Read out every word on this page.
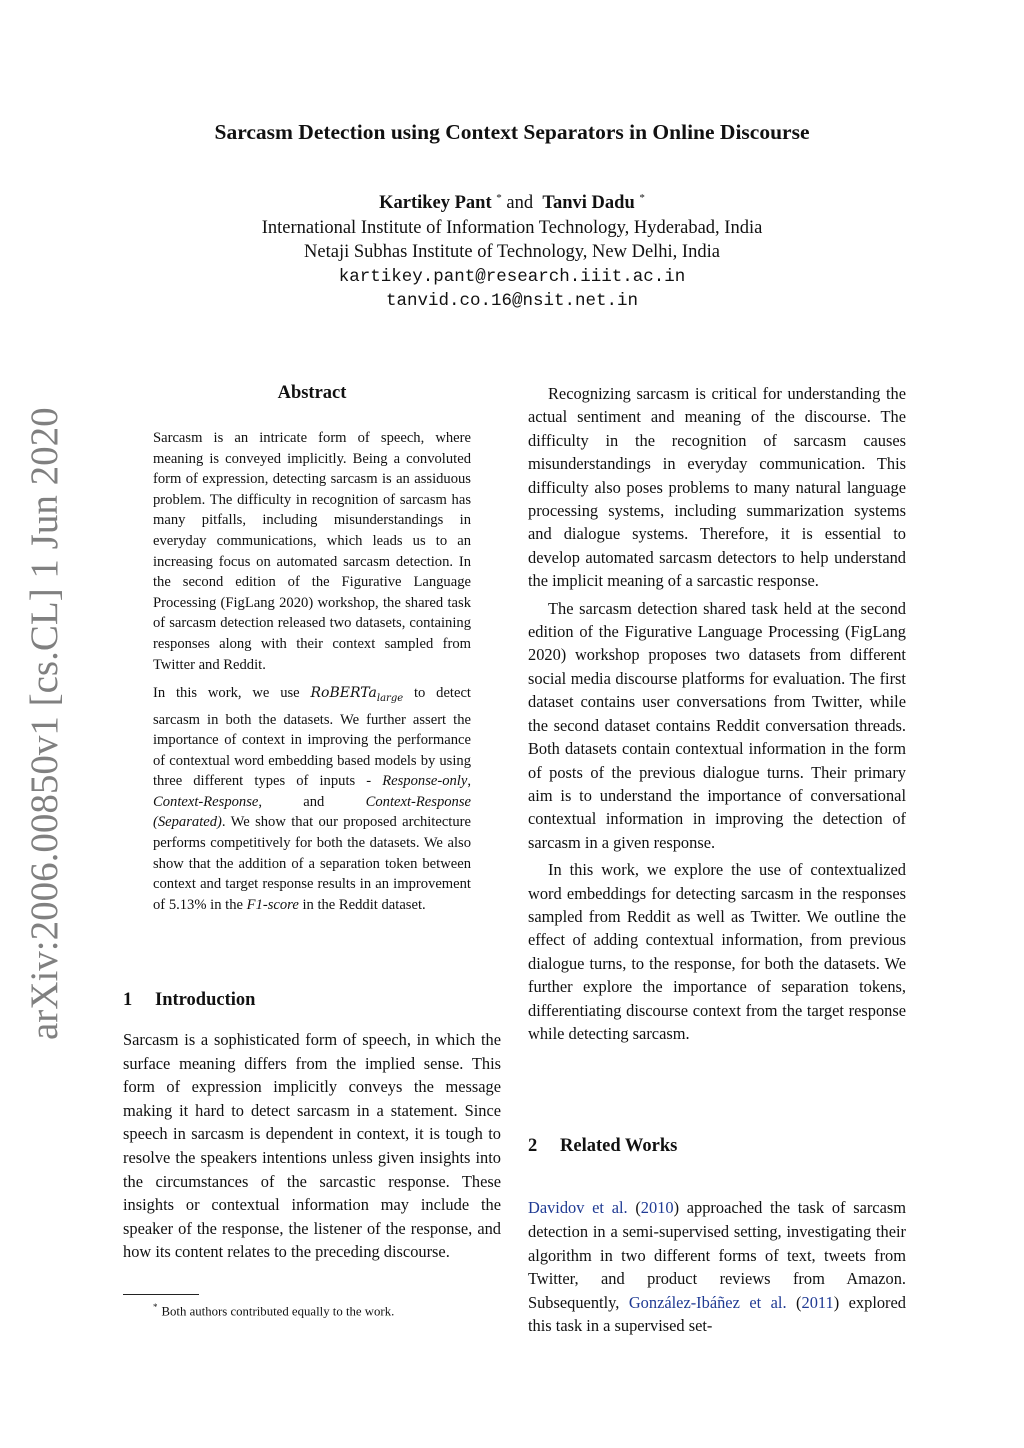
Sarcasm Detection using Context Separators in Online Discourse
Kartikey Pant * and Tanvi Dadu *
International Institute of Information Technology, Hyderabad, India
Netaji Subhas Institute of Technology, New Delhi, India
kartikey.pant@research.iiit.ac.in
tanvid.co.16@nsit.net.in
arXiv:2006.00850v1 [cs.CL] 1 Jun 2020
Abstract

Sarcasm is an intricate form of speech, where meaning is conveyed implicitly. Being a convoluted form of expression, detecting sarcasm is an assiduous problem. The difficulty in recognition of sarcasm has many pitfalls, including misunderstandings in everyday communications, which leads us to an increasing focus on automated sarcasm detection. In the second edition of the Figurative Language Processing (FigLang 2020) workshop, the shared task of sarcasm detection released two datasets, containing responses along with their context sampled from Twitter and Reddit.

In this work, we use RoBERTa$_{large}$ to detect sarcasm in both the datasets. We further assert the importance of context in improving the performance of contextual word embedding based models by using three different types of inputs - Response-only, Context-Response, and Context-Response (Separated). We show that our proposed architecture performs competitively for both the datasets. We also show that the addition of a separation token between context and target response results in an improvement of 5.13% in the F1-score in the Reddit dataset.

1 Introduction

Sarcasm is a sophisticated form of speech, in which the surface meaning differs from the implied sense. This form of expression implicitly conveys the message making it hard to detect sarcasm in a statement. Since speech in sarcasm is dependent in context, it is tough to resolve the speakers intentions unless given insights into the circumstances of the sarcastic response. These insights or contextual information may include the speaker of the response, the listener of the response, and how its content relates to the preceding discourse.

Recognizing sarcasm is critical for understanding the actual sentiment and meaning of the discourse. The difficulty in the recognition of sarcasm causes misunderstandings in everyday communication. This difficulty also poses problems to many natural language processing systems, including summarization systems and dialogue systems. Therefore, it is essential to develop automated sarcasm detectors to help understand the implicit meaning of a sarcastic response.

The sarcasm detection shared task held at the second edition of the Figurative Language Processing (FigLang 2020) workshop proposes two datasets from different social media discourse platforms for evaluation. The first dataset contains user conversations from Twitter, while the second dataset contains Reddit conversation threads. Both datasets contain contextual information in the form of posts of the previous dialogue turns. Their primary aim is to understand the importance of conversational contextual information in improving the detection of sarcasm in a given response.

In this work, we explore the use of contextualized word embeddings for detecting sarcasm in the responses sampled from Reddit as well as Twitter. We outline the effect of adding contextual information, from previous dialogue turns, to the response, for both the datasets. We further explore the importance of separation tokens, differentiating discourse context from the target response while detecting sarcasm.

2 Related Works

Davidov et al. (2010) approached the task of sarcasm detection in a semi-supervised setting, investigating their algorithm in two different forms of text, tweets from Twitter, and product reviews from Amazon. Subsequently, González-Ibáñez et al. (2011) explored this task in a supervised set-

* Both authors contributed equally to the work.
